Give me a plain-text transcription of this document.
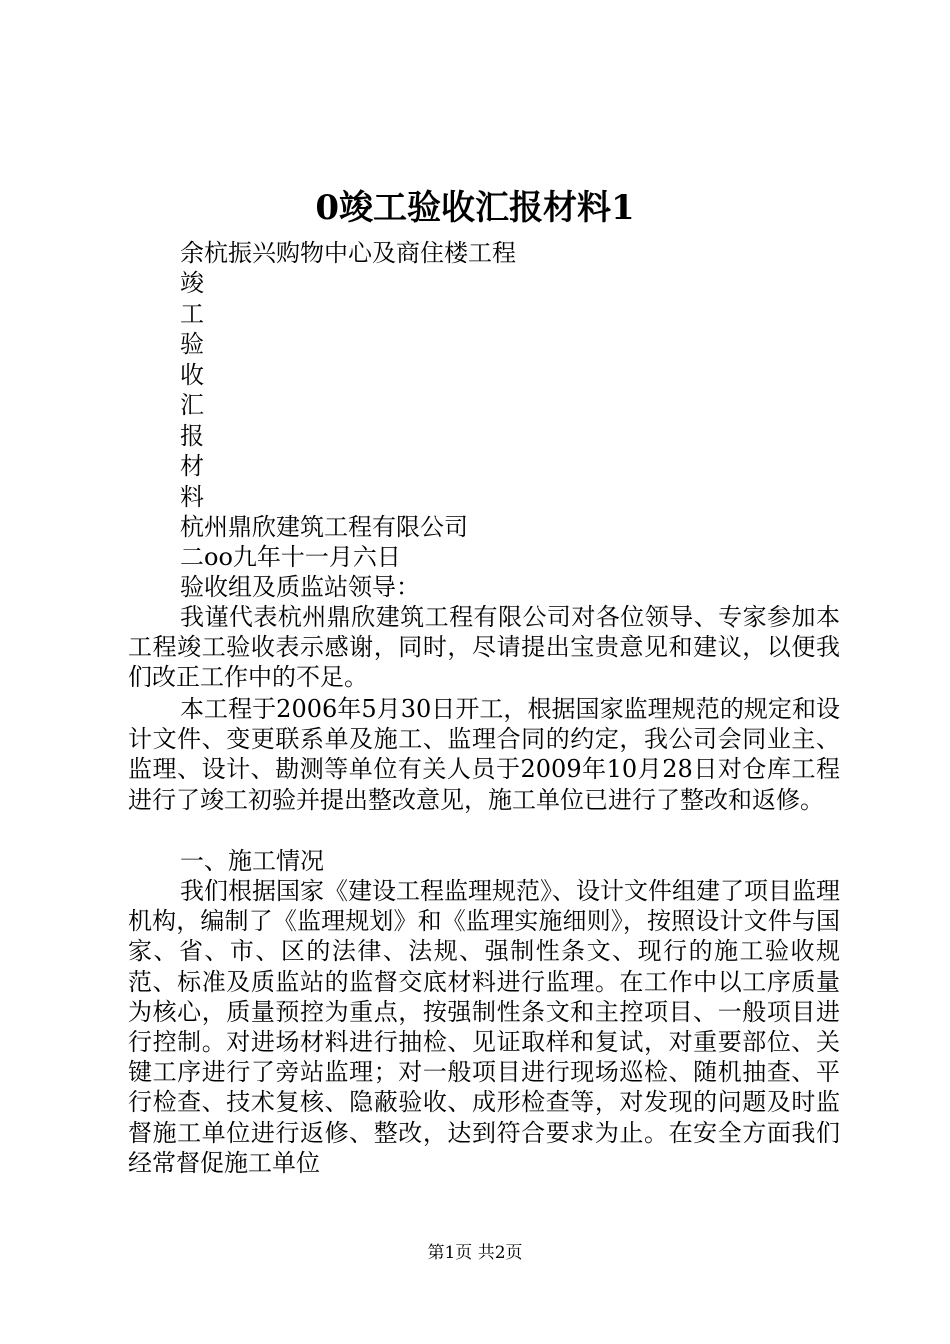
0竣工验收汇报材料1
余杭振兴购物中心及商住楼工程
竣
工
验
收
汇
报
材
料
杭州鼎欣建筑工程有限公司
二oo九年十一月六日
验收组及质监站领导：
我谨代表杭州鼎欣建筑工程有限公司对各位领导、专家参加本工程竣工验收表示感谢，同时，尽请提出宝贵意见和建议，以便我们改正工作中的不足。
本工程于2006年5月30日开工，根据国家监理规范的规定和设计文件、变更联系单及施工、监理合同的约定，我公司会同业主、监理、设计、勘测等单位有关人员于2009年10月28日对仓库工程进行了竣工初验并提出整改意见，施工单位已进行了整改和返修。
一、施工情况
我们根据国家《建设工程监理规范》、设计文件组建了项目监理机构，编制了《监理规划》和《监理实施细则》，按照设计文件与国家、省、市、区的法律、法规、强制性条文、现行的施工验收规范、标准及质监站的监督交底材料进行监理。在工作中以工序质量为核心，质量预控为重点，按强制性条文和主控项目、一般项目进行控制。对进场材料进行抽检、见证取样和复试，对重要部位、关键工序进行了旁站监理；对一般项目进行现场巡检、随机抽查、平行检查、技术复核、隐蔽验收、成形检查等，对发现的问题及时监督施工单位进行返修、整改，达到符合要求为止。在安全方面我们经常督促施工单位
第1页 共2页
